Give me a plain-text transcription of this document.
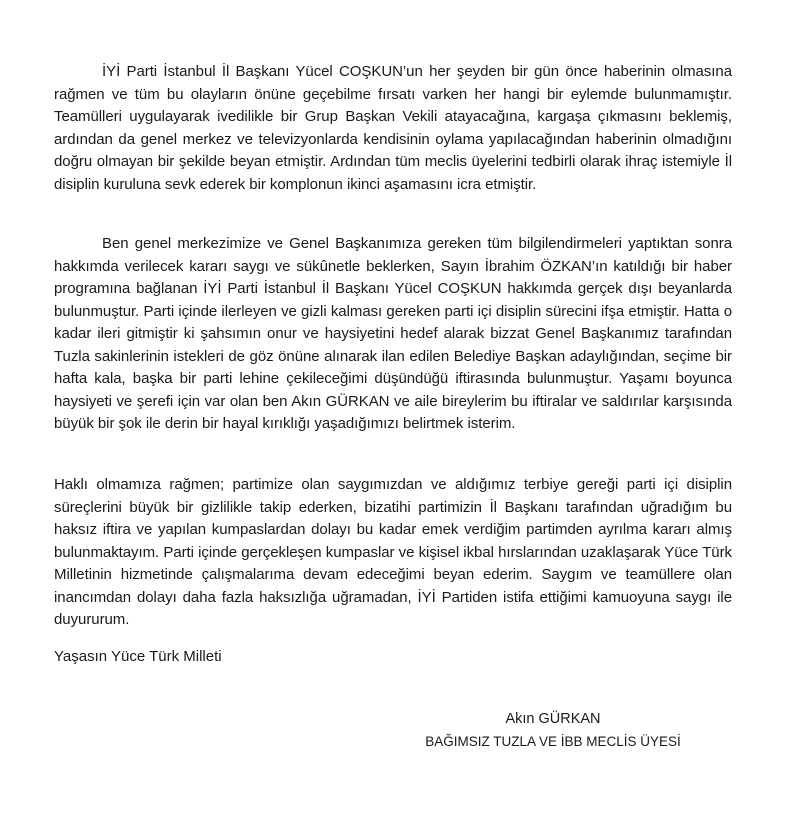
İYİ Parti İstanbul İl Başkanı Yücel COŞKUN’un her şeyden bir gün önce haberinin olmasına rağmen ve tüm bu olayların önüne geçebilme fırsatı varken her hangi bir eylemde bulunmamıştır. Teamülleri uygulayarak ivedilikle bir Grup Başkan Vekili atayacağına, kargaşa çıkmasını beklemiş, ardından da genel merkez ve televizyonlarda kendisinin oylama yapılacağından haberinin olmadığını doğru olmayan bir şekilde beyan etmiştir. Ardından tüm meclis üyelerini tedbirli olarak ihraç istemiyle İl disiplin kuruluna sevk ederek bir komplonun ikinci aşamasını icra etmiştir.

Ben genel merkezimize ve Genel Başkanımıza gereken tüm bilgilendirmeleri yaptıktan sonra hakkımda verilecek kararı saygı ve sükûnetle beklerken, Sayın İbrahim ÖZKAN’ın katıldığı bir haber programına bağlanan İYİ Parti İstanbul İl Başkanı Yücel COŞKUN hakkımda gerçek dışı beyanlarda bulunmuştur. Parti içinde ilerleyen ve gizli kalması gereken parti içi disiplin sürecini ifşa etmiştir. Hatta o kadar ileri gitmiştir ki şahsımın onur ve haysiyetini hedef alarak bizzat Genel Başkanımız tarafından Tuzla sakinlerinin istekleri de göz önüne alınarak ilan edilen Belediye Başkan adaylığından, seçime bir hafta kala, başka bir parti lehine çekileceğimi düşündüğü iftirasında bulunmuştur. Yaşamı boyunca haysiyeti ve şerefi için var olan ben Akın GÜRKAN ve aile bireylerim bu iftiralar ve saldırılar karşısında büyük bir şok ile derin bir hayal kırıklığı yaşadığımızı belirtmek isterim.

Haklı olmamıza rağmen; partimize olan saygımızdan ve aldığımız terbiye gereği parti içi disiplin süreçlerini büyük bir gizlilikle takip ederken, bizatihi partimizin İl Başkanı tarafından uğradığım bu haksız iftira ve yapılan kumpaslardan dolayı bu kadar emek verdiğim partimden ayrılma kararı almış bulunmaktayım. Parti içinde gerçekleşen kumpaslar ve kişisel ikbal hırslarından uzaklaşarak Yüce Türk Milletinin hizmetinde çalışmalarıma devam edeceğimi beyan ederim. Saygım ve teamüllere olan inancımdan dolayı daha fazla haksızlığa uğramadan, İYİ Partiden istifa ettiğimi kamuoyuna saygı ile duyururum.

Yaşasın Yüce Türk Milleti

Akın GÜRKAN
BAĞIMSIZ TUZLA VE İBB MECLİS ÜYESİ
